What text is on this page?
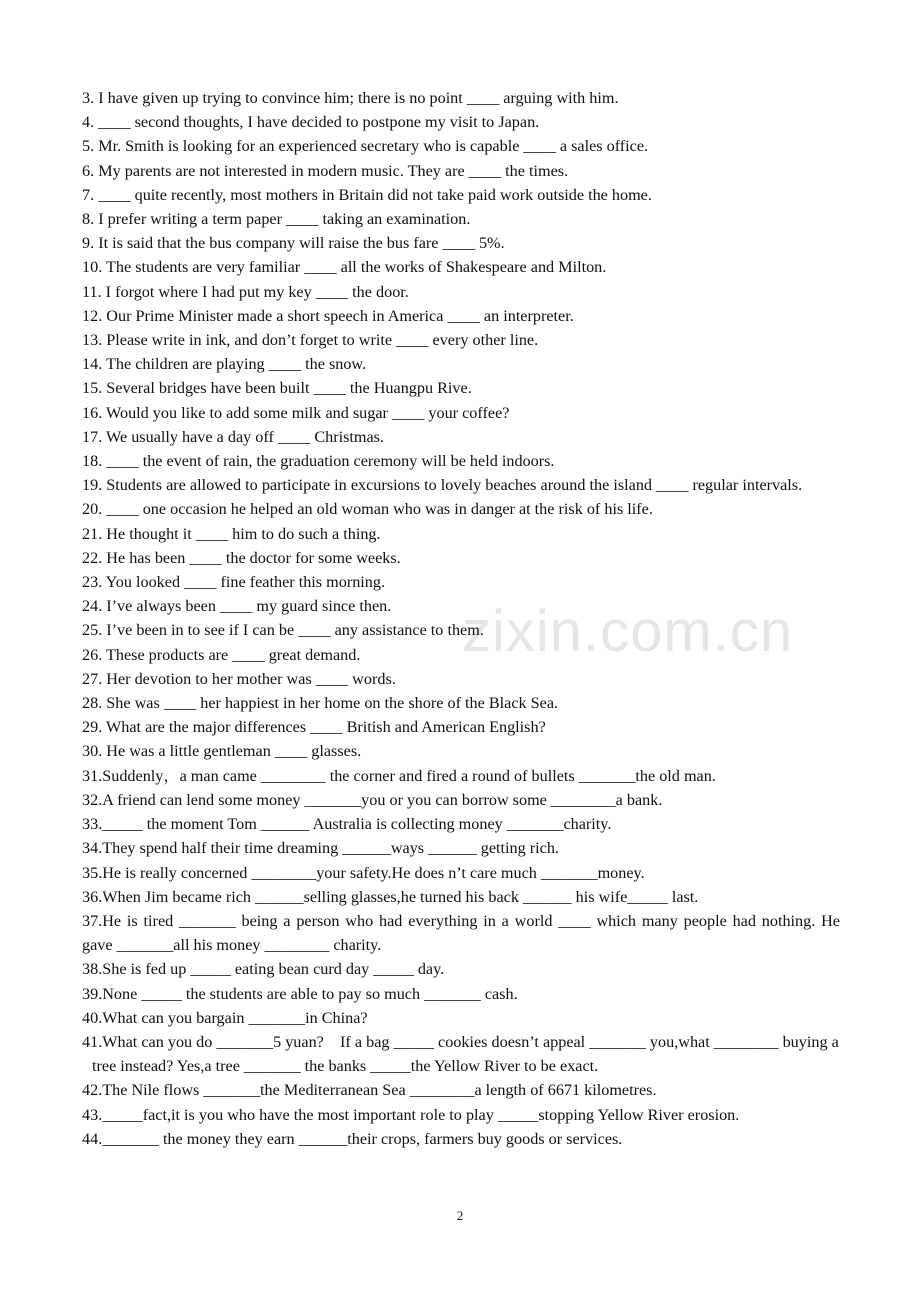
zixin.com.cn
3. I have given up trying to convince him; there is no point ____ arguing with him.
4. ____ second thoughts, I have decided to postpone my visit to Japan.
5. Mr. Smith is looking for an experienced secretary who is capable ____ a sales office.
6. My parents are not interested in modern music. They are ____ the times.
7. ____ quite recently, most mothers in Britain did not take paid work outside the home.
8. I prefer writing a term paper ____ taking an examination.
9. It is said that the bus company will raise the bus fare ____ 5%.
10. The students are very familiar ____ all the works of Shakespeare and Milton.
11. I forgot where I had put my key ____ the door.
12. Our Prime Minister made a short speech in America ____ an interpreter.
13. Please write in ink, and don’t forget to write ____ every other line.
14. The children are playing ____ the snow.
15. Several bridges have been built ____ the Huangpu Rive.
16. Would you like to add some milk and sugar ____ your coffee?
17. We usually have a day off ____ Christmas.
18. ____ the event of rain, the graduation ceremony will be held indoors.
19. Students are allowed to participate in excursions to lovely beaches around the island ____ regular intervals.
20. ____ one occasion he helped an old woman who was in danger at the risk of his life.
21. He thought it ____ him to do such a thing.
22. He has been ____ the doctor for some weeks.
23. You looked ____ fine feather this morning.
24. I’ve always been ____ my guard since then.
25. I’ve been in to see if I can be ____ any assistance to them.
26. These products are ____ great demand.
27. Her devotion to her mother was ____ words.
28. She was ____ her happiest in her home on the shore of the Black Sea.
29. What are the major differences ____ British and American English?
30. He was a little gentleman ____ glasses.
31.Suddenly，a man came ________ the corner and fired a round of bullets _______the old man.
32.A friend can lend some money _______you or you can borrow some ________a bank.
33._____ the moment Tom ______ Australia is collecting money _______charity.
34.They spend half their time dreaming ______ways ______ getting rich.
35.He is really concerned ________your safety.He does n’t care much _______money.
36.When Jim became rich ______selling glasses,he turned his back ______ his wife_____ last.
37.He is tired _______ being a person who had everything in a world ____ which many people had nothing. He gave _______all his money ________ charity.
38.She is fed up _____ eating bean curd day _____ day.
39.None _____ the students are able to pay so much _______ cash.
40.What can you bargain _______in China?
41.What can you do _______5 yuan?　If a bag _____ cookies doesn’t appeal _______ you,what ________ buying a tree instead? Yes,a tree _______ the banks _____the Yellow River to be exact.
42.The Nile flows _______the Mediterranean Sea ________a length of 6671 kilometres.
43._____fact,it is you who have the most important role to play _____stopping Yellow River erosion.
44._______ the money they earn ______their crops, farmers buy goods or services.
2
